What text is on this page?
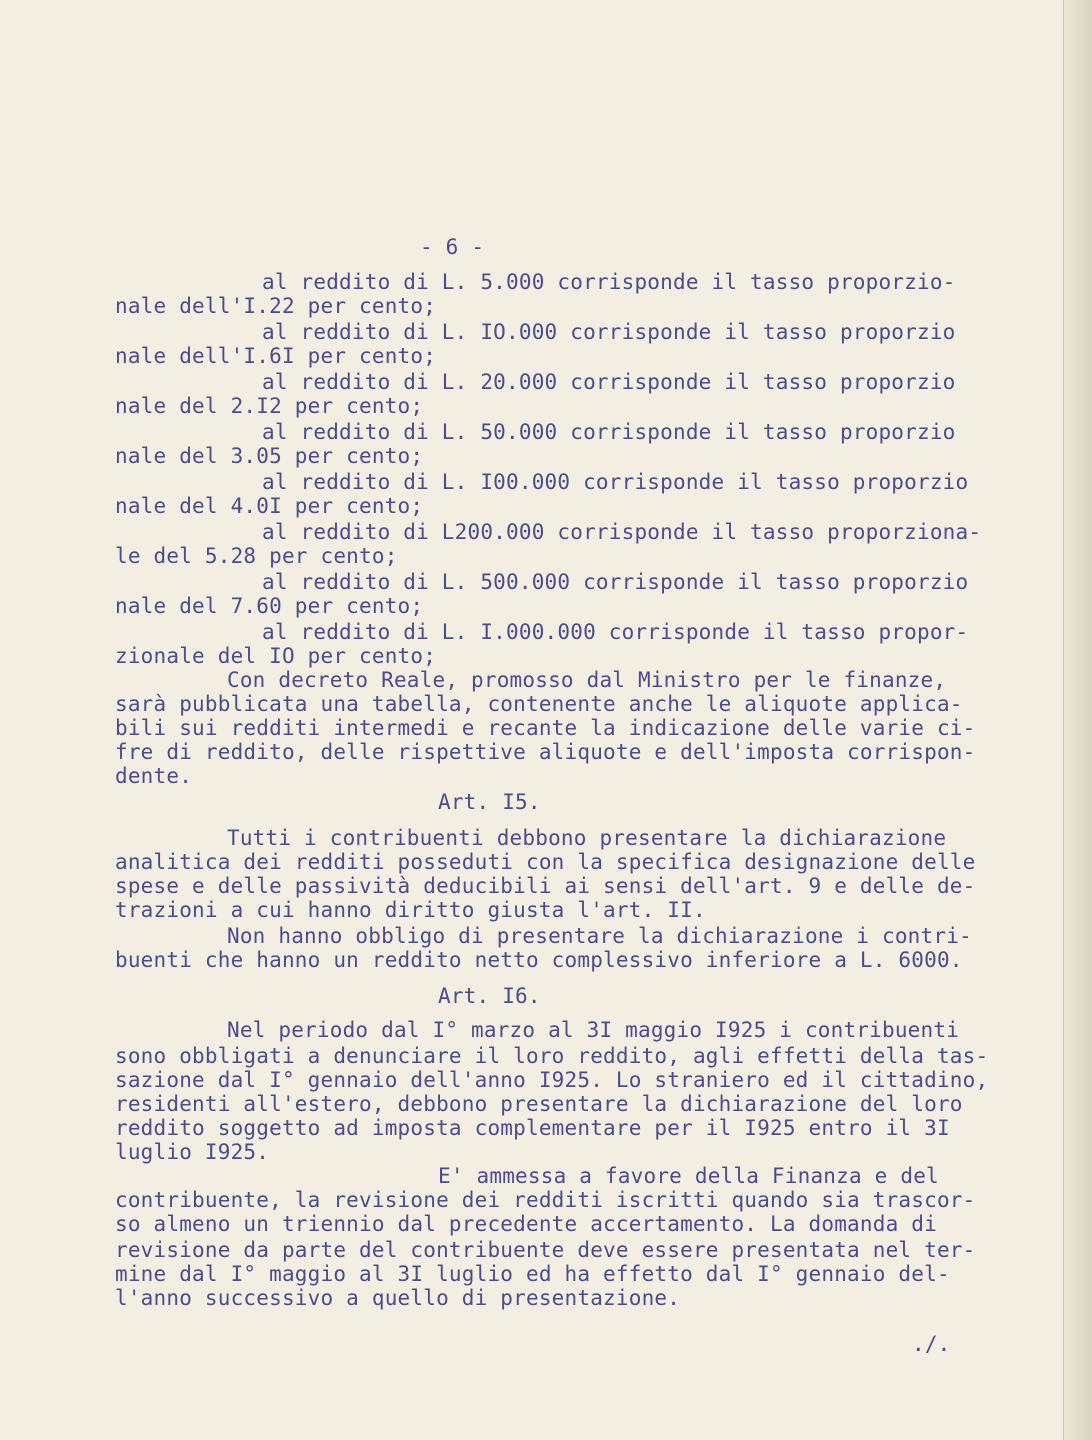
- 6 -
al reddito di L. 5.000 corrisponde il tasso proporzio-
nale dell'I.22 per cento;
al reddito di L. IO.000 corrisponde il tasso proporzio
nale dell'I.6I per cento;
al reddito di L. 20.000 corrisponde il tasso proporzio
nale del 2.I2 per cento;
al reddito di L. 50.000 corrisponde il tasso proporzio
nale del 3.05 per cento;
al reddito di L. I00.000 corrisponde il tasso proporzio
nale del 4.0I per cento;
al reddito di L200.000 corrisponde il tasso proporziona-
le del 5.28 per cento;
al reddito di L. 500.000 corrisponde il tasso proporzio
nale del 7.60 per cento;
al reddito di L. I.000.000 corrisponde il tasso propor-
zionale del IO per cento;
Con decreto Reale, promosso dal Ministro per le finanze,
sarà pubblicata una tabella, contenente anche le aliquote applica-
bili sui redditi intermedi e recante la indicazione delle varie ci-
fre di reddito, delle rispettive aliquote e dell'imposta corrispon-
dente.
Art. I5.
Tutti i contribuenti debbono presentare la dichiarazione
analitica dei redditi posseduti con la specifica designazione delle
spese e delle passività deducibili ai sensi dell'art. 9 e delle de-
trazioni a cui hanno diritto giusta l'art. II.
Non hanno obbligo di presentare la dichiarazione i contri-
buenti che hanno un reddito netto complessivo inferiore a L. 6000.
Art. I6.
Nel periodo dal I° marzo al 3I maggio I925 i contribuenti
sono obbligati a denunciare il loro reddito, agli effetti della tas-
sazione dal I° gennaio dell'anno I925. Lo straniero ed il cittadino,
residenti all'estero, debbono presentare la dichiarazione del loro
reddito soggetto ad imposta complementare per il I925 entro il 3I
luglio I925.
E' ammessa a favore della Finanza e del
contribuente, la revisione dei redditi iscritti quando sia trascor-
so almeno un triennio dal precedente accertamento. La domanda di
revisione da parte del contribuente deve essere presentata nel ter-
mine dal I° maggio al 3I luglio ed ha effetto dal I° gennaio del-
l'anno successivo a quello di presentazione.
./.
